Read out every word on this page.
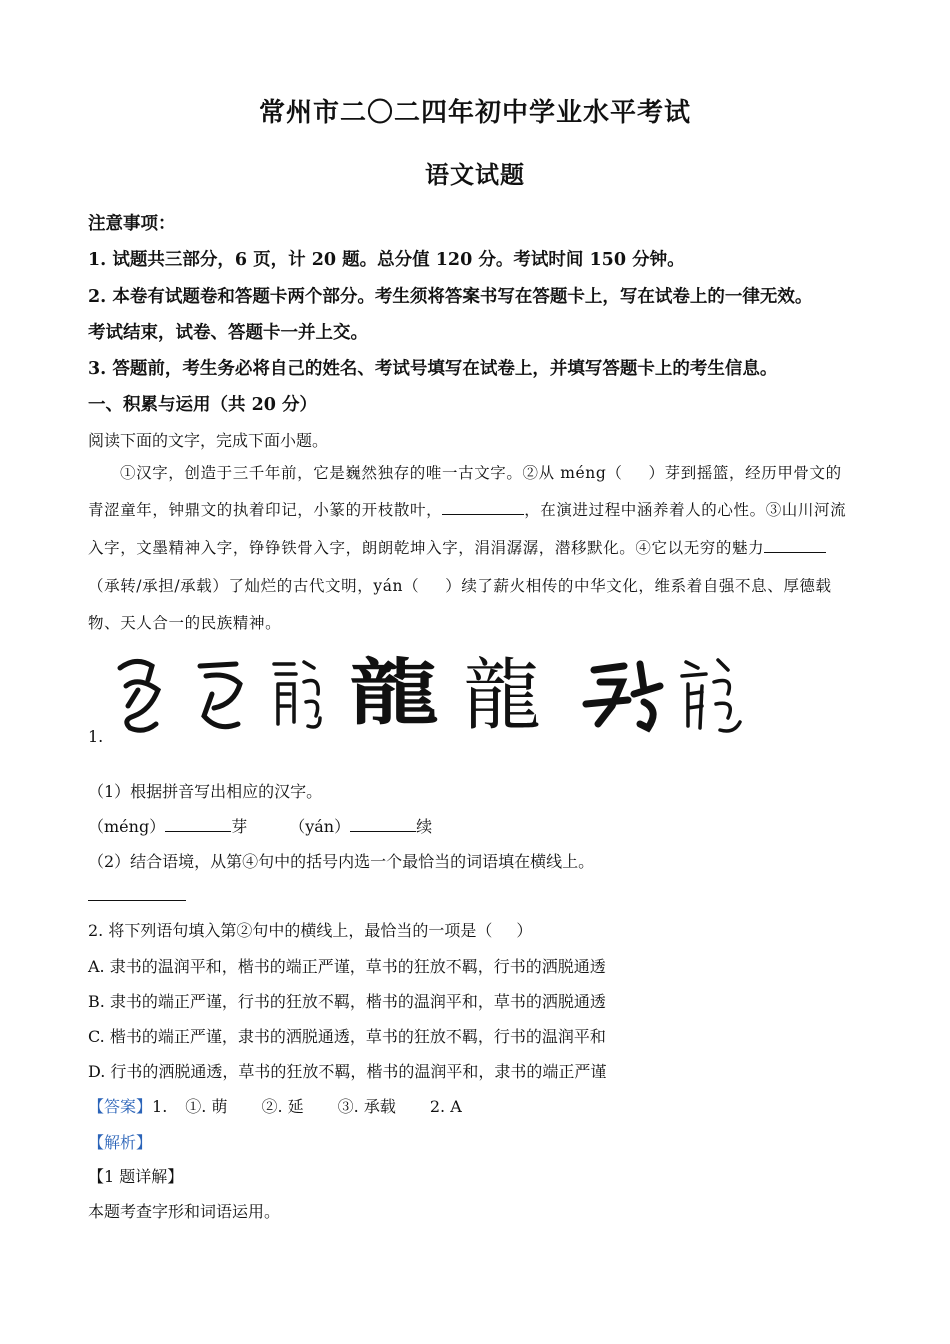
常州市二〇二四年初中学业水平考试
语文试题
注意事项：
1. 试题共三部分，6 页，计 20 题。总分值 120 分。考试时间 150 分钟。
2. 本卷有试题卷和答题卡两个部分。考生须将答案书写在答题卡上，写在试卷上的一律无效。
考试结束，试卷、答题卡一并上交。
3. 答题前，考生务必将自己的姓名、考试号填写在试卷上，并填写答题卡上的考生信息。
一、积累与运用（共 20 分）
阅读下面的文字，完成下面小题。
①汉字，创造于三千年前，它是巍然独存的唯一古文字。②从 méng（ ）芽到摇篮，经历甲骨文的
青涩童年，钟鼎文的执着印记，小篆的开枝散叶，	，在演进过程中涵养着人的心性。③山川河流
入字，文墨精神入字，铮铮铁骨入字，朗朗乾坤入字，涓涓潺潺，潜移默化。④它以无穷的魅力
（承转/承担/承载）了灿烂的古代文明，yán（ ）续了薪火相传的中华文化，维系着自强不息、厚德载
物、天人合一的民族精神。
龍 龍
1.
（1）根据拼音写出相应的汉字。
（méng）	芽	（yán）	续
（2）结合语境，从第④句中的括号内选一个最恰当的词语填在横线上。
2. 将下列语句填入第②句中的横线上，最恰当的一项是（ ）
A. 隶书的温润平和，楷书的端正严谨，草书的狂放不羁，行书的洒脱通透
B. 隶书的端正严谨，行书的狂放不羁，楷书的温润平和，草书的洒脱通透
C. 楷书的端正严谨，隶书的洒脱通透，草书的狂放不羁，行书的温润平和
D. 行书的洒脱通透，草书的狂放不羁，楷书的温润平和，隶书的端正严谨
【答案】1. ①. 萌 ②. 延 ③. 承载 2. A
【解析】
【1 题详解】
本题考查字形和词语运用。
